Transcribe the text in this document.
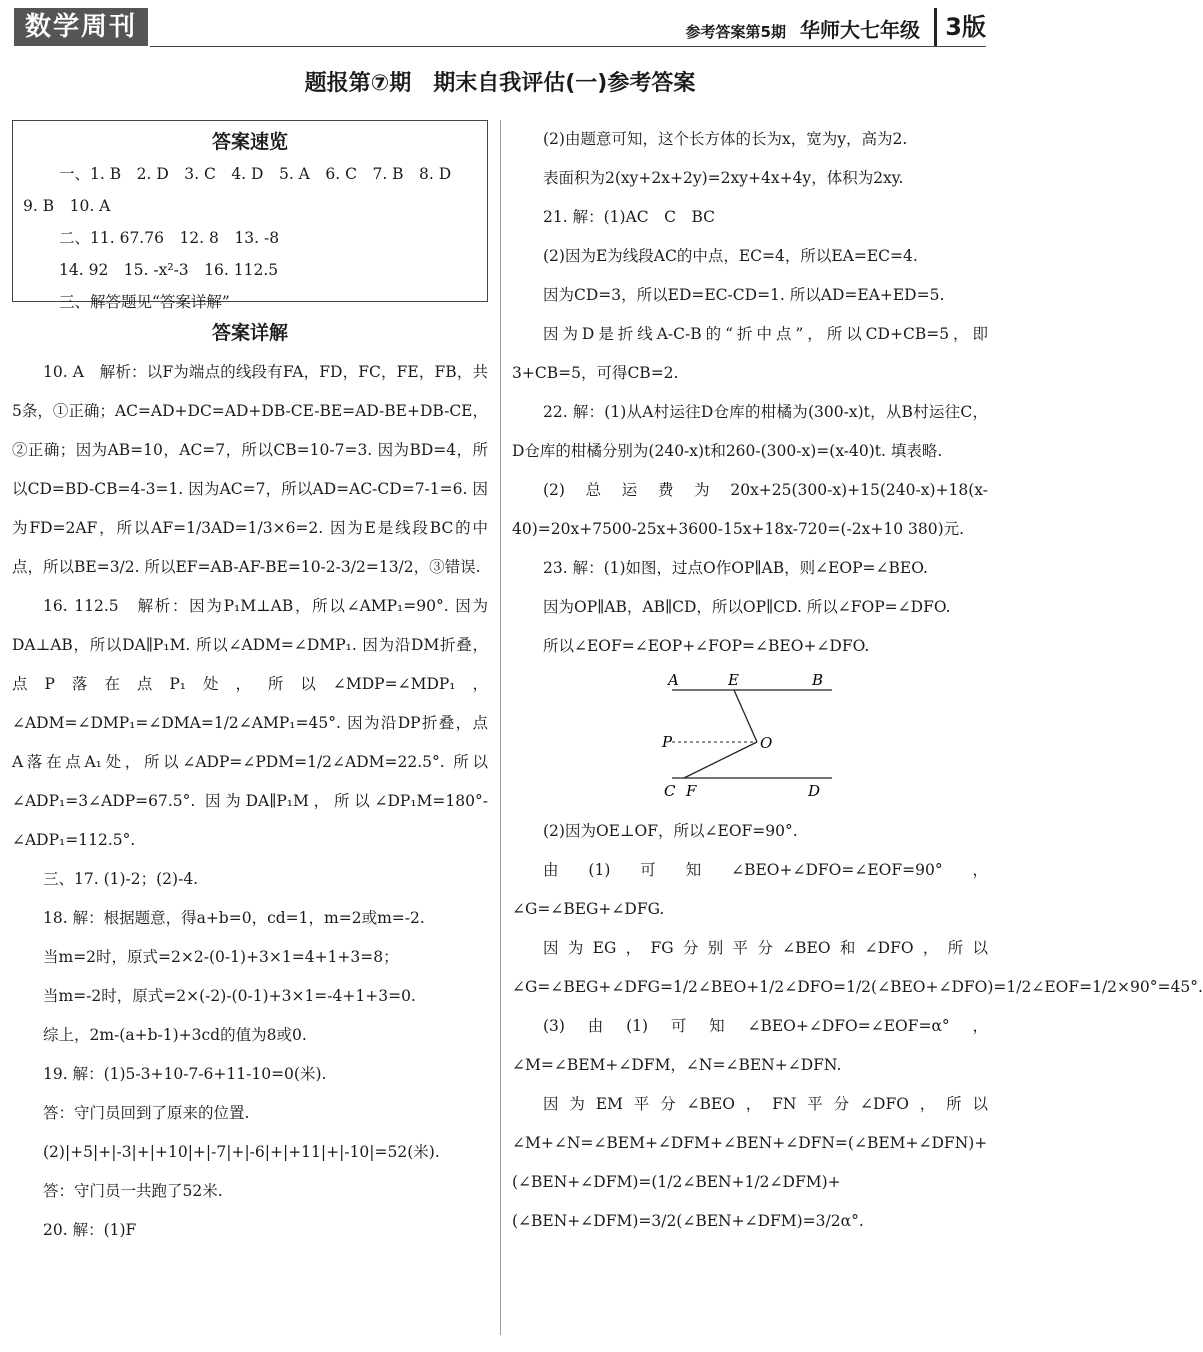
数学周刊	参考答案第5期 华师大七年级	3版
题报第⑦期　期末自我评估(一)参考答案
答案速览
一、1. B　2. D　3. C　4. D　5. A　6. C　7. B　8. D
9. B　10. A
二、11. 67.76　12. 8　13. -8
14. 92　15. -x²-3　16. 112.5
三、解答题见“答案详解”
答案详解

10. A　解析：以F为端点的线段有FA，FD，FC，FE，FB，共5条，①正确；AC=AD+DC=AD+DB-CE-BE=AD-BE+DB-CE，②正确；因为AB=10，AC=7，所以CB=10-7=3. 因为BD=4，所以CD=BD-CB=4-3=1. 因为AC=7，所以AD=AC-CD=7-1=6. 因为FD=2AF，所以AF=1/3AD=1/3×6=2. 因为E是线段BC的中点，所以BE=3/2. 所以EF=AB-AF-BE=10-2-3/2=13/2，③错误.

16. 112.5　解析：因为P₁M⊥AB，所以∠AMP₁=90°. 因为DA⊥AB，所以DA∥P₁M. 所以∠ADM=∠DMP₁. 因为沿DM折叠，点P落在点P₁处，所以∠MDP=∠MDP₁，∠ADM=∠DMP₁=∠DMA=1/2∠AMP₁=45°. 因为沿DP折叠，点A落在点A₁处，所以∠ADP=∠PDM=1/2∠ADM=22.5°. 所以∠ADP₁=3∠ADP=67.5°. 因为DA∥P₁M，所以∠DP₁M=180°-∠ADP₁=112.5°.

三、17. (1)-2；(2)-4.

18. 解：根据题意，得a+b=0，cd=1，m=2或m=-2.

当m=2时，原式=2×2-(0-1)+3×1=4+1+3=8；

当m=-2时，原式=2×(-2)-(0-1)+3×1=-4+1+3=0.

综上，2m-(a+b-1)+3cd的值为8或0.

19. 解：(1)5-3+10-7-6+11-10=0(米).

答：守门员回到了原来的位置.

(2)|+5|+|-3|+|+10|+|-7|+|-6|+|+11|+|-10|=52(米).

答：守门员一共跑了52米.

20. 解：(1)F

(2)由题意可知，这个长方体的长为x，宽为y，高为2.

表面积为2(xy+2x+2y)=2xy+4x+4y，体积为2xy.

21. 解：(1)AC　C　BC

(2)因为E为线段AC的中点，EC=4，所以EA=EC=4.

因为CD=3，所以ED=EC-CD=1. 所以AD=EA+ED=5.

因为D是折线A-C-B的“折中点”，所以CD+CB=5，即3+CB=5，可得CB=2.

22. 解：(1)从A村运往D仓库的柑橘为(300-x)t，从B村运往C，D仓库的柑橘分别为(240-x)t和260-(300-x)=(x-40)t. 填表略.

(2)总运费为20x+25(300-x)+15(240-x)+18(x-40)=20x+7500-25x+3600-15x+18x-720=(-2x+10 380)元.

23. 解：(1)如图，过点O作OP∥AB，则∠EOP=∠BEO.

因为OP∥AB，AB∥CD，所以OP∥CD. 所以∠FOP=∠DFO.

所以∠EOF=∠EOP+∠FOP=∠BEO+∠DFO.

A	E	B
P	O
C F	D

(2)因为OE⊥OF，所以∠EOF=90°.

由(1)可知∠BEO+∠DFO=∠EOF=90°，∠G=∠BEG+∠DFG.

因为EG，FG分别平分∠BEO和∠DFO，所以∠G=∠BEG+∠DFG=1/2∠BEO+1/2∠DFO=1/2(∠BEO+∠DFO)=1/2∠EOF=1/2×90°=45°.

(3)由(1)可知∠BEO+∠DFO=∠EOF=α°，∠M=∠BEM+∠DFM，∠N=∠BEN+∠DFN.

因为EM平分∠BEO，FN平分∠DFO，所以∠M+∠N=∠BEM+∠DFM+∠BEN+∠DFN=(∠BEM+∠DFN)+(∠BEN+∠DFM)=(1/2∠BEN+1/2∠DFM)+(∠BEN+∠DFM)=3/2(∠BEN+∠DFM)=3/2α°.
